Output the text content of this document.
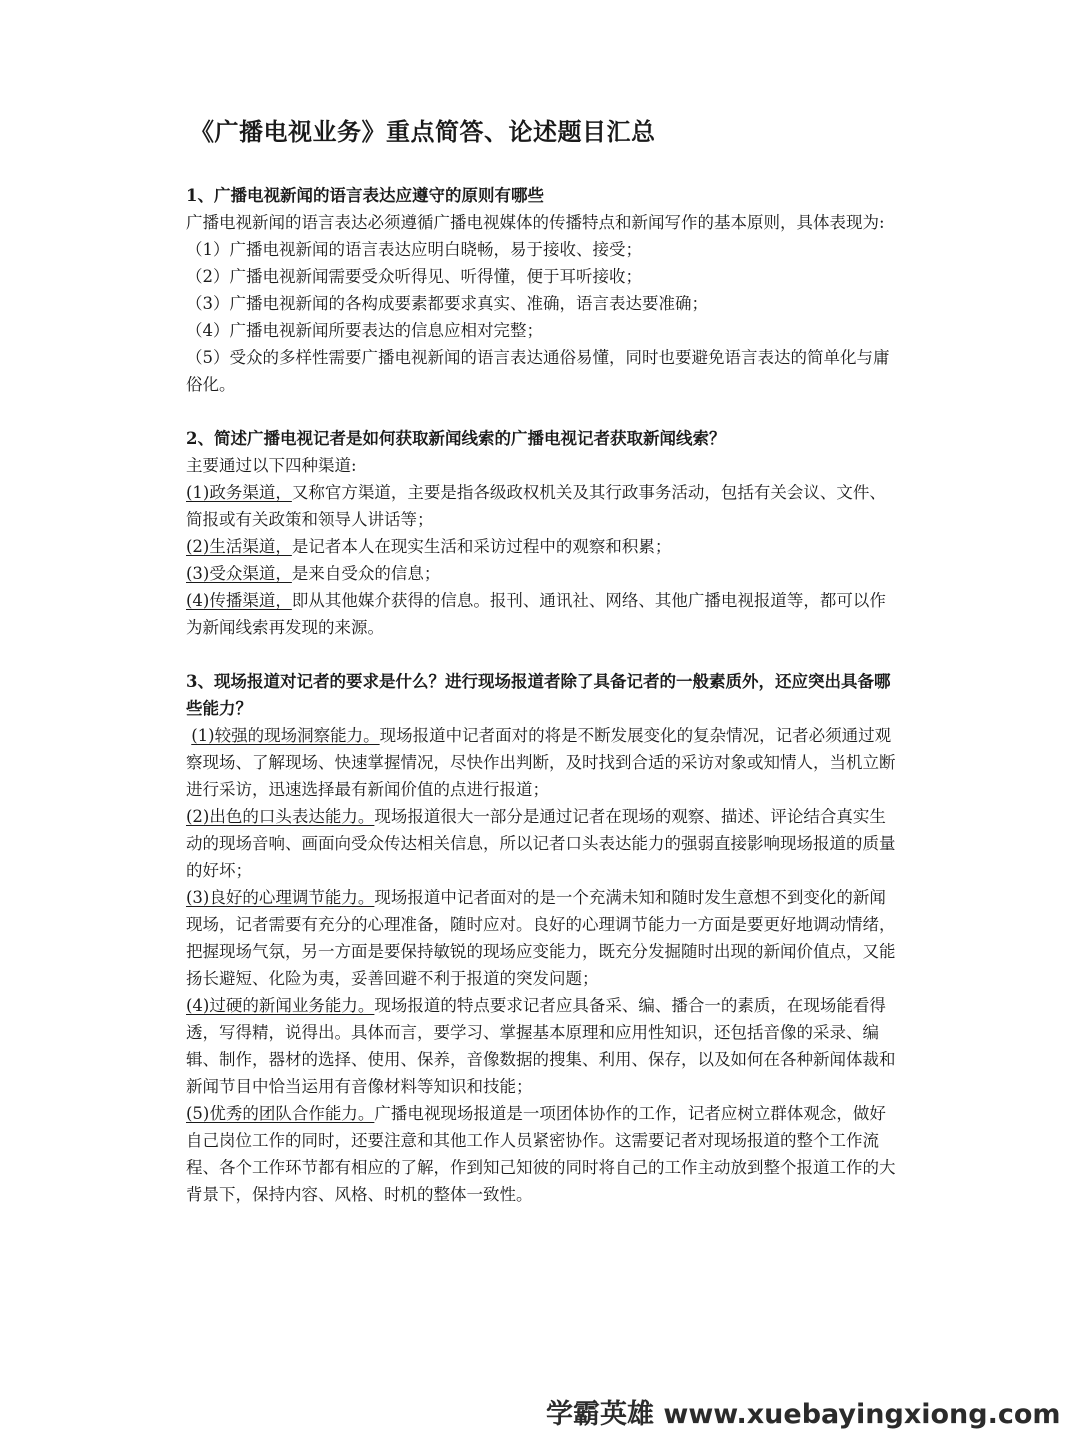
《广播电视业务》重点简答、论述题目汇总

1、广播电视新闻的语言表达应遵守的原则有哪些

广播电视新闻的语言表达必须遵循广播电视媒体的传播特点和新闻写作的基本原则，具体表现为:

（1）广播电视新闻的语言表达应明白晓畅，易于接收、接受；

（2）广播电视新闻需要受众听得见、听得懂，便于耳听接收；

（3）广播电视新闻的各构成要素都要求真实、准确，语言表达要准确；

（4）广播电视新闻所要表达的信息应相对完整；

（5）受众的多样性需要广播电视新闻的语言表达通俗易懂，同时也要避免语言表达的简单化与庸俗化。

2、简述广播电视记者是如何获取新闻线索的广播电视记者获取新闻线索？

主要通过以下四种渠道:

(1)政务渠道，又称官方渠道，主要是指各级政权机关及其行政事务活动，包括有关会议、文件、简报或有关政策和领导人讲话等；

(2)生活渠道，是记者本人在现实生活和采访过程中的观察和积累；

(3)受众渠道，是来自受众的信息；

(4)传播渠道，即从其他媒介获得的信息。报刊、通讯社、网络、其他广播电视报道等，都可以作为新闻线索再发现的来源。

3、现场报道对记者的要求是什么？进行现场报道者除了具备记者的一般素质外，还应突出具备哪些能力？

(1)较强的现场洞察能力。现场报道中记者面对的将是不断发展变化的复杂情况，记者必须通过观察现场、了解现场、快速掌握情况，尽快作出判断，及时找到合适的采访对象或知情人，当机立断进行采访，迅速选择最有新闻价值的点进行报道；

(2)出色的口头表达能力。现场报道很大一部分是通过记者在现场的观察、描述、评论结合真实生动的现场音响、画面向受众传达相关信息，所以记者口头表达能力的强弱直接影响现场报道的质量的好坏；

(3)良好的心理调节能力。现场报道中记者面对的是一个充满未知和随时发生意想不到变化的新闻现场，记者需要有充分的心理准备，随时应对。良好的心理调节能力一方面是要更好地调动情绪，把握现场气氛，另一方面是要保持敏锐的现场应变能力，既充分发掘随时出现的新闻价值点，又能扬长避短、化险为夷，妥善回避不利于报道的突发问题；

(4)过硬的新闻业务能力。现场报道的特点要求记者应具备采、编、播合一的素质，在现场能看得透，写得精，说得出。具体而言，要学习、掌握基本原理和应用性知识，还包括音像的采录、编辑、制作，器材的选择、使用、保养，音像数据的搜集、利用、保存，以及如何在各种新闻体裁和新闻节目中恰当运用有音像材料等知识和技能；

(5)优秀的团队合作能力。广播电视现场报道是一项团体协作的工作，记者应树立群体观念，做好自己岗位工作的同时，还要注意和其他工作人员紧密协作。这需要记者对现场报道的整个工作流程、各个工作环节都有相应的了解，作到知己知彼的同时将自己的工作主动放到整个报道工作的大背景下，保持内容、风格、时机的整体一致性。

学霸英雄 www.xuebayingxiong.com
